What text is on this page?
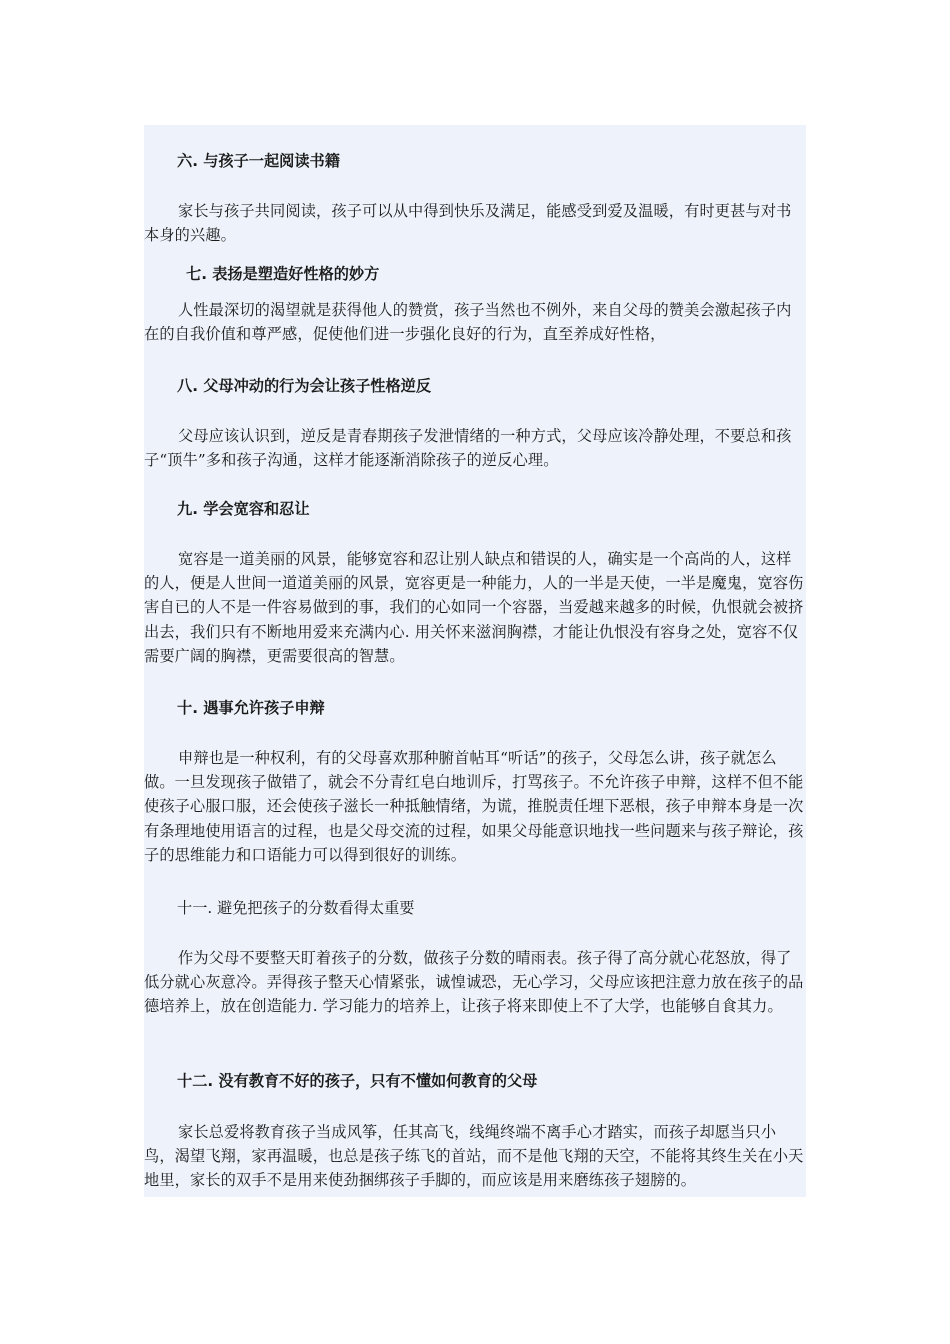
六. 与孩子一起阅读书籍

家长与孩子共同阅读，孩子可以从中得到快乐及满足，能感受到爱及温暖，有时更甚与对书本身的兴趣。

七. 表扬是塑造好性格的妙方

人性最深切的渴望就是获得他人的赞赏，孩子当然也不例外，来自父母的赞美会激起孩子内在的自我价值和尊严感，促使他们进一步强化良好的行为，直至养成好性格，

八. 父母冲动的行为会让孩子性格逆反

父母应该认识到，逆反是青春期孩子发泄情绪的一种方式，父母应该冷静处理，不要总和孩子“顶牛”多和孩子沟通，这样才能逐渐消除孩子的逆反心理。

九. 学会宽容和忍让

宽容是一道美丽的风景，能够宽容和忍让别人缺点和错误的人，确实是一个高尚的人，这样的人，便是人世间一道道美丽的风景，宽容更是一种能力，人的一半是天使，一半是魔鬼，宽容伤害自已的人不是一件容易做到的事，我们的心如同一个容器，当爱越来越多的时候，仇恨就会被挤出去，我们只有不断地用爱来充满内心. 用关怀来滋润胸襟，才能让仇恨没有容身之处，宽容不仅需要广阔的胸襟，更需要很高的智慧。

十. 遇事允许孩子申辩

申辩也是一种权利，有的父母喜欢那种腑首帖耳“听话”的孩子，父母怎么讲，孩子就怎么做。一旦发现孩子做错了，就会不分青红皂白地训斥，打骂孩子。不允许孩子申辩，这样不但不能使孩子心服口服，还会使孩子滋长一种抵触情绪，为谎，推脱责任埋下恶根，孩子申辩本身是一次有条理地使用语言的过程，也是父母交流的过程，如果父母能意识地找一些问题来与孩子辩论，孩子的思维能力和口语能力可以得到很好的训练。

十一. 避免把孩子的分数看得太重要

作为父母不要整天盯着孩子的分数，做孩子分数的晴雨表。孩子得了高分就心花怒放，得了低分就心灰意冷。弄得孩子整天心情紧张，诚惶诚恐，无心学习，父母应该把注意力放在孩子的品德培养上，放在创造能力. 学习能力的培养上，让孩子将来即使上不了大学，也能够自食其力。

十二. 没有教育不好的孩子，只有不懂如何教育的父母

家长总爱将教育孩子当成风筝，任其高飞，线绳终端不离手心才踏实，而孩子却愿当只小鸟，渴望飞翔，家再温暖，也总是孩子练飞的首站，而不是他飞翔的天空，不能将其终生关在小天地里，家长的双手不是用来使劲捆绑孩子手脚的，而应该是用来磨练孩子翅膀的。
